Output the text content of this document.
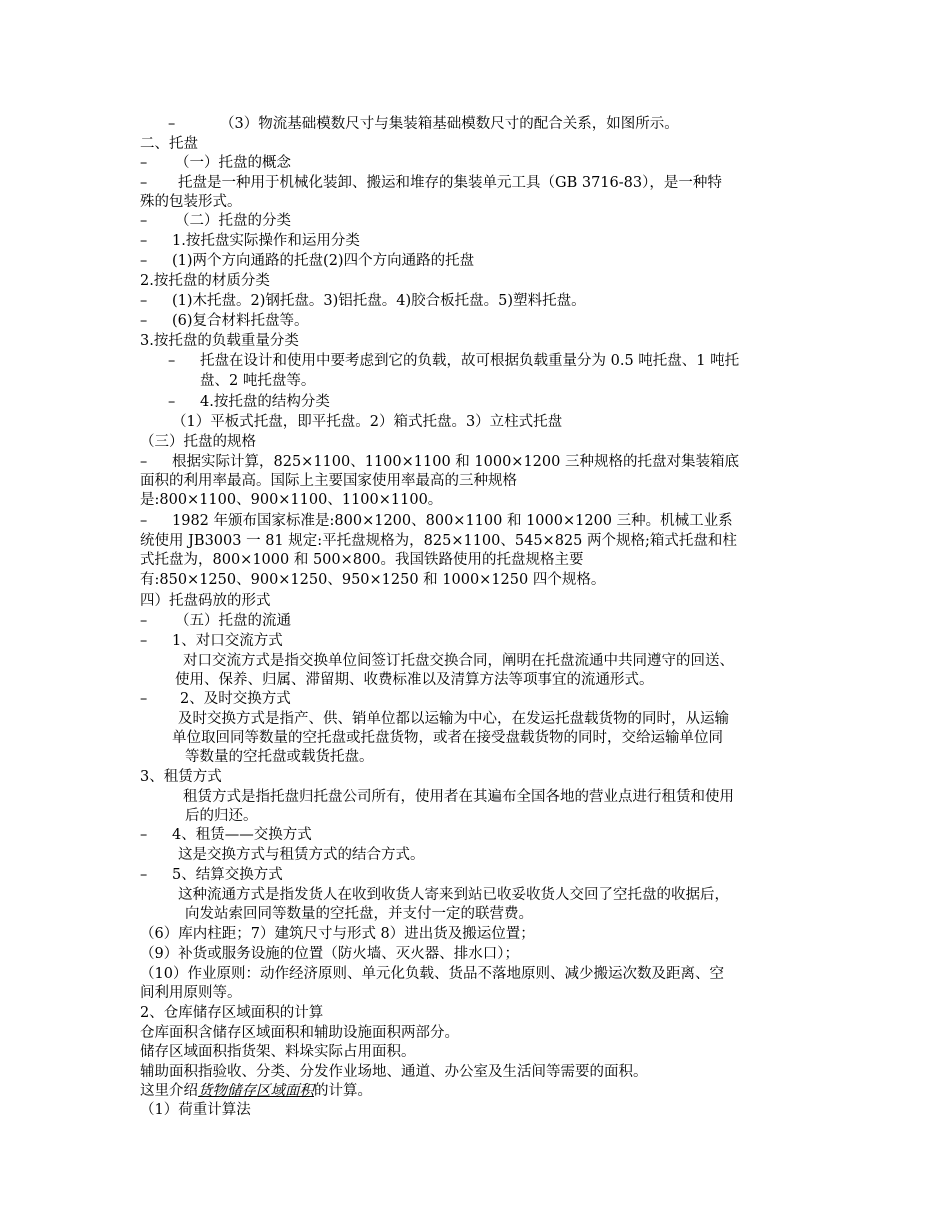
–	（3）物流基础模数尺寸与集装箱基础模数尺寸的配合关系，如图所示。
二、托盘
– （一）托盘的概念
– 托盘是一种用于机械化装卸、搬运和堆存的集装单元工具（GB 3716-83），是一种特
殊的包装形式。
– （二）托盘的分类
– 1.按托盘实际操作和运用分类
– (1)两个方向通路的托盘(2)四个方向通路的托盘
2.按托盘的材质分类
– (1)木托盘。2)钢托盘。3)铝托盘。4)胶合板托盘。5)塑料托盘。
– (6)复合材料托盘等。
3.按托盘的负载重量分类
– 托盘在设计和使用中要考虑到它的负载，故可根据负载重量分为 0.5 吨托盘、1 吨托
盘、2 吨托盘等。
– 4.按托盘的结构分类
（1）平板式托盘，即平托盘。2）箱式托盘。3）立柱式托盘
（三）托盘的规格
– 根据实际计算，825×1100、1100×1100 和 1000×1200 三种规格的托盘对集装箱底
面积的利用率最高。国际上主要国家使用率最高的三种规格
是:800×1100、900×1100、1100×1100。
– 1982 年颁布国家标准是:800×1200、800×1100 和 1000×1200 三种。机械工业系
统使用 JB3003 一 81 规定:平托盘规格为，825×1100、545×825 两个规格;箱式托盘和柱
式托盘为，800×1000 和 500×800。我国铁路使用的托盘规格主要
有:850×1250、900×1250、950×1250 和 1000×1250 四个规格。
四）托盘码放的形式
– （五）托盘的流通
– 1、对口交流方式
对口交流方式是指交换单位间签订托盘交换合同，阐明在托盘流通中共同遵守的回送、
使用、保养、归属、滞留期、收费标准以及清算方法等项事宜的流通形式。
– 2、及时交换方式
及时交换方式是指产、供、销单位都以运输为中心，在发运托盘载货物的同时，从运输
单位取回同等数量的空托盘或托盘货物，或者在接受盘载货物的同时，交给运输单位同
等数量的空托盘或载货托盘。
3、租赁方式
租赁方式是指托盘归托盘公司所有，使用者在其遍布全国各地的营业点进行租赁和使用
后的归还。
– 4、租赁——交换方式
这是交换方式与租赁方式的结合方式。
– 5、结算交换方式
这种流通方式是指发货人在收到收货人寄来到站已收妥收货人交回了空托盘的收据后，
向发站索回同等数量的空托盘，并支付一定的联营费。
（6）库内柱距；7）建筑尺寸与形式 8）进出货及搬运位置；
（9）补货或服务设施的位置（防火墙、灭火器、排水口）；
（10）作业原则：动作经济原则、单元化负载、货品不落地原则、减少搬运次数及距离、空
间利用原则等。
2、仓库储存区域面积的计算
仓库面积含储存区域面积和辅助设施面积两部分。
储存区域面积指货架、料垛实际占用面积。
辅助面积指验收、分类、分发作业场地、通道、办公室及生活间等需要的面积。
这里介绍货物储存区域面积的计算。
（1）荷重计算法
